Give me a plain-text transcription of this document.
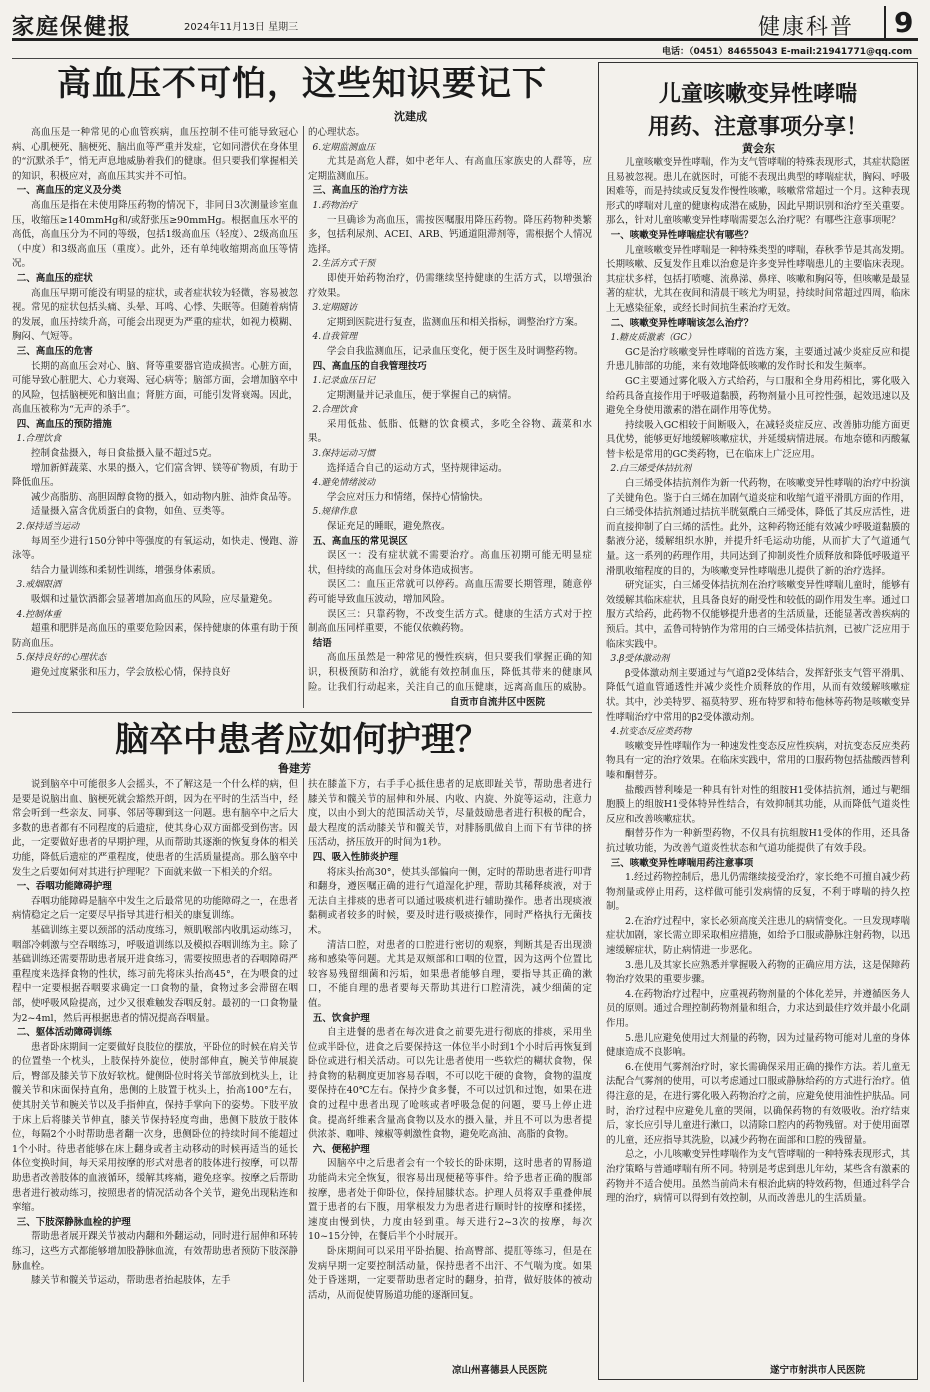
家庭保健报	2024年11月13日 星期三	健康科普	9
电话：（0451）84655043 E-mail:21941771@qq.com
高血压不可怕，这些知识要记下
沈建成

高血压是一种常见的心血管疾病，血压控制不佳可能导致冠心病、心肌梗死、脑梗死、脑出血等严重并发症，它如同潜伏在身体里的“沉默杀手”，悄无声息地威胁着我们的健康。但只要我们掌握相关的知识，积极应对，高血压其实并不可怕。

一、高血压的定义及分类

高血压是指在未使用降压药物的情况下，非同日3次测量诊室血压，收缩压≥140mmHg和/或舒张压≥90mmHg。根据血压水平的高低，高血压分为不同的等级，包括1级高血压（轻度）、2级高血压（中度）和3级高血压（重度）。此外，还有单纯收缩期高血压等情况。

二、高血压的症状

高血压早期可能没有明显的症状，或者症状较为轻微，容易被忽视。常见的症状包括头痛、头晕、耳鸣、心悸、失眠等。但随着病情的发展，血压持续升高，可能会出现更为严重的症状，如视力模糊、胸闷、气短等。

三、高血压的危害

长期的高血压会对心、脑、肾等重要器官造成损害。心脏方面，可能导致心脏肥大、心力衰竭、冠心病等；脑部方面，会增加脑卒中的风险，包括脑梗死和脑出血；肾脏方面，可能引发肾衰竭。因此，高血压被称为“无声的杀手”。

四、高血压的预防措施
1.合理饮食

控制食盐摄入，每日食盐摄入量不超过5克。

增加新鲜蔬菜、水果的摄入，它们富含钾、镁等矿物质，有助于降低血压。

减少高脂肪、高胆固醇食物的摄入，如动物内脏、油炸食品等。

适量摄入富含优质蛋白的食物，如鱼、豆类等。

2.保持适当运动

每周至少进行150分钟中等强度的有氧运动，如快走、慢跑、游泳等。

结合力量训练和柔韧性训练，增强身体素质。

3.戒烟限酒

吸烟和过量饮酒都会显著增加高血压的风险，应尽量避免。

4.控制体重

超重和肥胖是高血压的重要危险因素，保持健康的体重有助于预防高血压。

5.保持良好的心理状态

避免过度紧张和压力，学会放松心情，保持良好

的心理状态。

6.定期监测血压

尤其是高危人群，如中老年人、有高血压家族史的人群等，应定期监测血压。

三、高血压的治疗方法
1.药物治疗

一旦确诊为高血压，需按医嘱服用降压药物。降压药物种类繁多，包括利尿剂、ACEI、ARB、钙通道阻滞剂等，需根据个人情况选择。

2.生活方式干预

即使开始药物治疗，仍需继续坚持健康的生活方式，以增强治疗效果。

3.定期随访

定期到医院进行复查，监测血压和相关指标，调整治疗方案。

4.自我管理

学会自我监测血压，记录血压变化，便于医生及时调整药物。

四、高血压的自我管理技巧
1.记录血压日记

定期测量并记录血压，便于掌握自己的病情。

2.合理饮食

采用低盐、低脂、低糖的饮食模式，多吃全谷物、蔬菜和水果。

3.保持运动习惯

选择适合自己的运动方式，坚持规律运动。

4.避免情绪波动

学会应对压力和情绪，保持心情愉快。

5.规律作息

保证充足的睡眠，避免熬夜。

五、高血压的常见误区

误区一：没有症状就不需要治疗。高血压初期可能无明显症状，但持续的高血压会对身体造成损害。

误区二：血压正常就可以停药。高血压需要长期管理，随意停药可能导致血压波动，增加风险。

误区三：只靠药物，不改变生活方式。健康的生活方式对于控制高血压同样重要，不能仅依赖药物。

结语

高血压虽然是一种常见的慢性疾病，但只要我们掌握正确的知识，积极预防和治疗，就能有效控制血压，降低其带来的健康风险。让我们行动起来，关注自己的血压健康，远离高血压的威胁。

自贡市自流井区中医院
脑卒中患者应如何护理？
鲁建芳

说到脑卒中可能很多人会摇头，不了解这是一个什么样的病，但是要是说脑出血、脑梗死就会豁然开朗，因为在平时的生活当中，经常会听到一些亲友、同事、邻居等聊到这一问题。患有脑卒中之后大多数的患者都有不同程度的后遗症，使其身心双方面都受到伤害。因此，一定要做好患者的早期护理，从而帮助其逐渐的恢复身体的相关功能，降低后遗症的严重程度，使患者的生活质量提高。那么脑卒中发生之后要如何对其进行护理呢？下面就来做一下相关的介绍。

一、吞咽功能障碍护理

吞咽功能障碍是脑卒中发生之后最常见的功能障碍之一，在患者病情稳定之后一定要尽早指导其进行相关的康复训练。

基础训练主要以颈部的活动度练习，颊肌喉部内收肌运动练习，咽部冷刺激与空吞咽练习，呼吸道训练以及模拟吞咽训练为主。除了基础训练还需要帮助患者展开进食练习，需要按照患者的吞咽障碍严重程度来选择食物的性状，练习前先将床头抬高45°，在为喂食的过程中一定要根据吞咽要求确定一口食物的量，食物过多会滞留在咽部，使呼吸风险提高，过少又很难触发吞咽反射。最初的一口食物量为2~4ml，然后再根据患者的情况提高吞咽量。

二、躯体活动障碍训练

患者卧床期间一定要做好良肢位的摆放，平卧位的时候在肩关节的位置垫一个枕头，上肢保持外旋位，使肘部伸直，腕关节伸展旋后，臀部及膝关节下放好软枕。健侧卧位时将关节部放到枕头上，让髋关节和床面保持直角，患侧的上肢置于枕头上，抬高100°左右，使其肘关节和腕关节以及手指伸直，保持手掌向下的姿势。下肢平放于床上后将膝关节伸直，膝关节保持轻度弯曲，患侧下肢放于肢体位，每隔2个小时帮助患者翻一次身，患侧卧位的持续时间不能超过1个小时。待患者能够在床上翻身或者主动移动的时候再适当的延长体位变换时间，每天采用按摩的形式对患者的肢体进行按摩，可以帮助患者改善肢体的血液循环，缓解其疼痛，避免痉挛。按摩之后帮助患者进行被动练习，按照患者的情况活动各个关节，避免出现粘连和挛缩。

三、下肢深静脉血栓的护理

帮助患者展开踝关节被动内翻和外翻运动，同时进行屈伸和环转练习，这些方式都能够增加股静脉血流，有效帮助患者预防下肢深静脉血栓。

膝关节和髋关节运动，帮助患者抬起肢体，左手

扶在膝盖下方，右手手心抵住患者的足底即趾关节，帮助患者进行膝关节和髋关节的屈伸和外展、内收、内旋、外旋等运动，注意力度，以由小到大的范围活动关节，尽量鼓励患者进行积极的配合，最大程度的活动膝关节和髋关节，对腓肠肌做自上而下有节律的挤压活动，挤压放开的时间为1秒。

四、吸入性肺炎护理

将床头抬高30°，使其头部偏向一侧，定时的帮助患者进行叩背和翻身，遵医嘱正确的进行气道湿化护理，帮助其稀释痰液，对于无法自主排痰的患者可以通过吸痰机进行辅助操作。患者出现痰液黏稠或者较多的时候，要及时进行吸痰操作，同时严格执行无菌技术。

清洁口腔，对患者的口腔进行密切的观察，判断其是否出现溃疡和感染等问题。尤其是双颊部和口咽的位置，因为这两个位置比较容易残留细菌和污垢，如果患者能够自理，要指导其正确的漱口，不能自理的患者要每天帮助其进行口腔清洗，减少细菌的定值。

五、饮食护理

自主进餐的患者在每次进食之前要先进行彻底的排痰，采用坐位或半卧位，进食之后要保持这一体位半小时到1个小时后再恢复到卧位或进行相关活动。可以先让患者使用一些软烂的糊状食物，保持食物的粘稠度更加容易吞咽，不可以吃干硬的食物，食物的温度要保持在40℃左右。保持少食多餐，不可以过饥和过饱，如果在进食的过程中患者出现了呛咳或者呼吸急促的问题，要马上停止进食。提高纤维素含量高食物以及水的摄入量，并且不可以为患者提供浓茶、咖啡、辣椒等刺激性食物，避免吃高油、高脂的食物。

六、便秘护理

因脑卒中之后患者会有一个较长的卧床期，这时患者的胃肠道功能尚未完全恢复，很容易出现便秘等事件。给予患者正确的腹部按摩，患者处于仰卧位，保持屈膝状态。护理人员将双手重叠伸展置于患者的右下腹，用掌根发力为患者进行顺时针的按摩和揉搓，速度由慢到快，力度由轻到重。每天进行2~3次的按摩，每次10~15分钟，在餐后半个小时展开。

卧床期间可以采用平卧抬腿、抬高臀部、提肛等练习，但是在发病早期一定要控制活动量，保持患者不出汗、不气喘为度。如果处于昏迷期，一定要帮助患者定时的翻身，拍背，做好肢体的被动活动，从而促使胃肠道功能的逐渐回复。

凉山州喜德县人民医院
儿童咳嗽变异性哮喘
用药、注意事项分享！
黄会东

儿童咳嗽变异性哮喘，作为支气管哮喘的特殊表现形式，其症状隐匿且易被忽视。患儿在就医时，可能不表现出典型的哮喘症状，胸闷、呼吸困难等，而是持续或反复发作慢性咳嗽，咳嗽常常超过一个月。这种表现形式的哮喘对儿童的健康构成潜在威胁，因此早期识别和治疗至关重要。那么，针对儿童咳嗽变异性哮喘需要怎么治疗呢？有哪些注意事项呢？

一、咳嗽变异性哮喘症状有哪些？

儿童咳嗽变异性哮喘是一种特殊类型的哮喘，春秋季节是其高发期。长期咳嗽、反复发作且难以治愈是许多变异性哮喘患儿的主要临床表现。其症状多样，包括打喷嚏、流鼻涕、鼻痒、咳嗽和胸闷等，但咳嗽是最显著的症状，尤其在夜间和清晨干咳尤为明显，持续时间常超过四周，临床上无感染征象，或经长时间抗生素治疗无效。

二、咳嗽变异性哮喘该怎么治疗？
1.糖皮质激素（GC）

GC是治疗咳嗽变异性哮喘的首选方案，主要通过减少炎症反应和提升患儿肺部的功能，来有效地降低咳嗽的发作时长和发生频率。

GC主要通过雾化吸入方式给药，与口服和全身用药相比，雾化吸入给药具备直接作用于呼吸道黏膜，药物剂量小且可控性强，起效迅速以及避免全身使用激素的潜在副作用等优势。

持续吸入GC相较于间断吸入，在减轻炎症反应、改善肺功能方面更具优势，能够更好地缓解咳嗽症状，并延缓病情进展。布地奈德和丙酸氟替卡松是常用的GC类药物，已在临床上广泛应用。

2.白三烯受体拮抗剂

白三烯受体拮抗剂作为新一代药物，在咳嗽变异性哮喘的治疗中扮演了关键角色。鉴于白三烯在加剧气道炎症和收缩气道平滑肌方面的作用，白三烯受体拮抗剂通过拮抗半胱氨酰白三烯受体，降低了其反应活性，进而直接抑制了白三烯的活性。此外，这种药物还能有效减少呼吸道黏膜的黏液分泌，缓解组织水肿，并提升纤毛运动功能，从而扩大了气道通气量。这一系列的药理作用，共同达到了抑制炎性介质释放和降低呼吸道平滑肌收缩程度的目的，为咳嗽变异性哮喘患儿提供了新的治疗选择。

研究证实，白三烯受体拮抗剂在治疗咳嗽变异性哮喘儿童时，能够有效缓解其临床症状，且具备良好的耐受性和较低的副作用发生率。通过口服方式给药，此药物不仅能够提升患者的生活质量，还能显著改善疾病的预后。其中，孟鲁司特钠作为常用的白三烯受体拮抗剂，已被广泛应用于临床实践中。

3.β受体激动剂

β受体激动剂主要通过与气道β2受体结合，发挥舒张支气管平滑肌、降低气道血管通透性并减少炎性介质释放的作用，从而有效缓解咳嗽症状。其中，沙美特罗、福莫特罗、班布特罗和特布他林等药物是咳嗽变异性哮喘治疗中常用的β2受体激动剂。

4.抗变态反应类药物

咳嗽变异性哮喘作为一种速发性变态反应性疾病，对抗变态反应类药物具有一定的治疗效果。在临床实践中，常用的口服药物包括盐酸西替利嗪和酮替芬。

盐酸西替利嗪是一种具有针对性的组胺H1受体拮抗剂，通过与靶细胞膜上的组胺H1受体特异性结合，有效抑制其功能，从而降低气道炎性反应和改善咳嗽症状。

酮替芬作为一种新型药物，不仅具有抗组胺H1受体的作用，还具备抗过敏功能，为改善气道炎性状态和气道功能提供了有效手段。

三、咳嗽变异性哮喘用药注意事项

1.经过药物控制后，患儿仍需继续接受治疗，家长绝不可擅自减少药物剂量或停止用药，这样做可能引发病情的反复，不利于哮喘的持久控制。

2.在治疗过程中，家长必须高度关注患儿的病情变化。一旦发现哮喘症状加剧，家长需立即采取相应措施，如给予口服或静脉注射药物，以迅速缓解症状，防止病情进一步恶化。

3.患儿及其家长应熟悉并掌握吸入药物的正确应用方法，这是保障药物治疗效果的重要步骤。

4.在药物治疗过程中，应重视药物剂量的个体化差异，并遵循医务人员的原则。通过合理控制药物剂量和组合，力求达到最佳疗效并最小化副作用。

5.患儿应避免使用过大剂量的药物，因为过量药物可能对儿童的身体健康造成不良影响。

6.在使用气雾剂治疗时，家长需确保采用正确的操作方法。若儿童无法配合气雾剂的使用，可以考虑通过口服或静脉给药的方式进行治疗。值得注意的是，在进行雾化吸入药物治疗之前，应避免使用油性护肤品。同时，治疗过程中应避免儿童的哭闹，以确保药物的有效吸收。治疗结束后，家长应引导儿童进行漱口，以清除口腔内的药物残留。对于使用面罩的儿童，还应指导其洗脸，以减少药物在面部和口腔的残留量。

总之，小儿咳嗽变异性哮喘作为支气管哮喘的一种特殊表现形式，其治疗策略与普通哮喘有所不同。特别是考虑到患儿年幼，某些含有激素的药物并不适合使用。虽然当前尚未有根治此病的特效药物，但通过科学合理的治疗，病情可以得到有效控制，从而改善患儿的生活质量。

遂宁市射洪市人民医院
